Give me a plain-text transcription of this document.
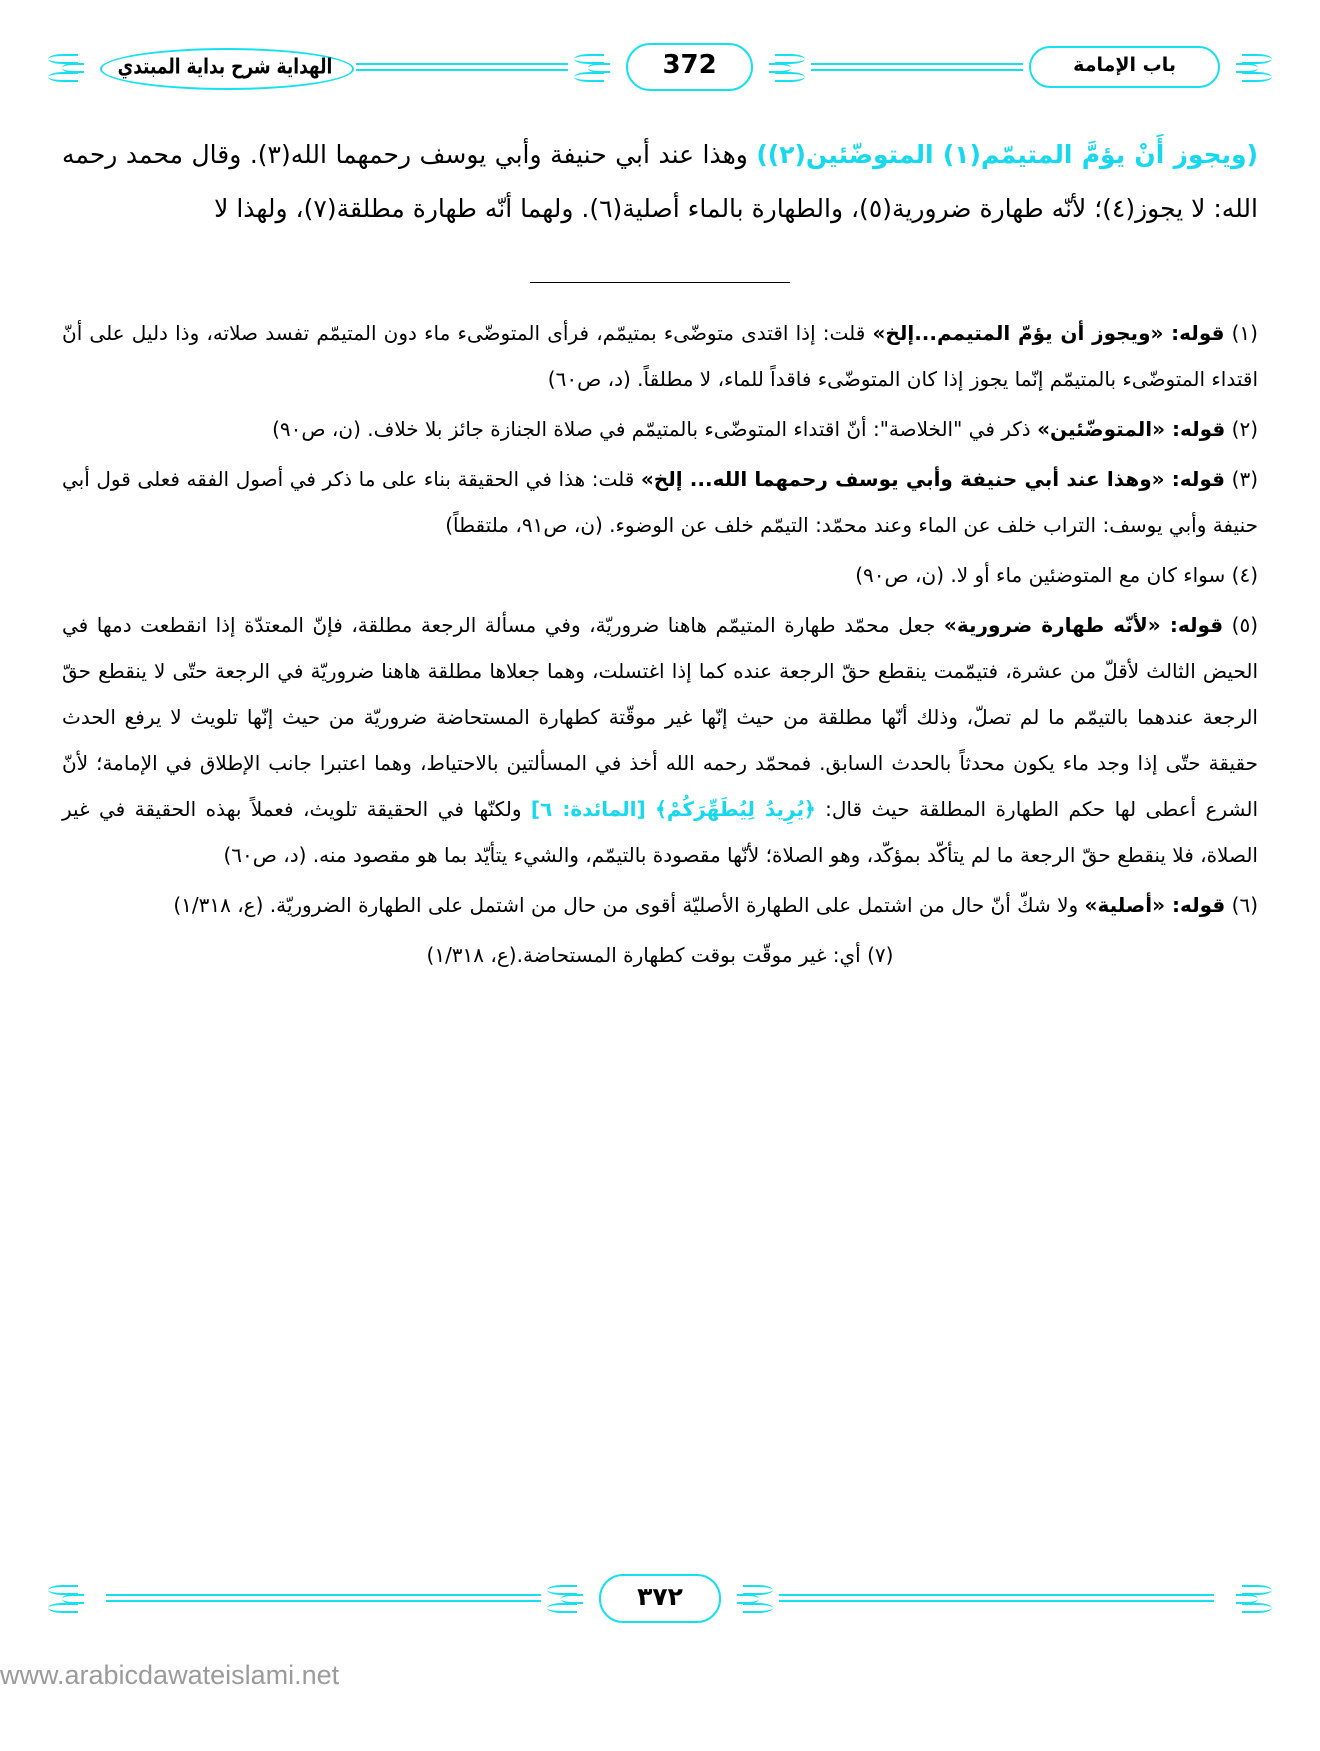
باب الإمامة
372
الهداية شرح بداية المبتدي
(ويجوز أَنْ يؤمَّ المتيمّم(١) المتوضّئين(٢)) وهذا عند أبي حنيفة وأبي يوسف رحمهما الله(٣). وقال محمد رحمه الله: لا يجوز(٤)؛ لأنّه طهارة ضرورية(٥)، والطهارة بالماء أصلية(٦). ولهما أنّه طهارة مطلقة(٧)، ولهذا لا
(١) قوله: «ويجوز أن يؤمّ المتيمم...إلخ» قلت: إذا اقتدى متوضّىء بمتيمّم، فرأى المتوضّىء ماء دون المتيمّم تفسد صلاته، وذا دليل على أنّ اقتداء المتوضّىء بالمتيمّم إنّما يجوز إذا كان المتوضّىء فاقداً للماء، لا مطلقاً. (د، ص٦٠)
(٢) قوله: «المتوضّئين» ذكر في "الخلاصة": أنّ اقتداء المتوضّىء بالمتيمّم في صلاة الجنازة جائز بلا خلاف. (ن، ص٩٠)
(٣) قوله: «وهذا عند أبي حنيفة وأبي يوسف رحمهما الله... إلخ» قلت: هذا في الحقيقة بناء على ما ذكر في أصول الفقه فعلى قول أبي حنيفة وأبي يوسف: التراب خلف عن الماء وعند محمّد: التيمّم خلف عن الوضوء. (ن، ص٩١، ملتقطاً)
(٤) سواء كان مع المتوضئين ماء أو لا. (ن، ص٩٠)
(٥) قوله: «لأنّه طهارة ضرورية» جعل محمّد طهارة المتيمّم هاهنا ضروريّة، وفي مسألة الرجعة مطلقة، فإنّ المعتدّة إذا انقطعت دمها في الحيض الثالث لأقلّ من عشرة، فتيمّمت ينقطع حقّ الرجعة عنده كما إذا اغتسلت، وهما جعلاها مطلقة هاهنا ضروريّة في الرجعة حتّى لا ينقطع حقّ الرجعة عندهما بالتيمّم ما لم تصلّ، وذلك أنّها مطلقة من حيث إنّها غير موقّتة كطهارة المستحاضة ضروريّة من حيث إنّها تلويث لا يرفع الحدث حقيقة حتّى إذا وجد ماء يكون محدثاً بالحدث السابق. فمحمّد رحمه الله أخذ في المسألتين بالاحتياط، وهما اعتبرا جانب الإطلاق في الإمامة؛ لأنّ الشرع أعطى لها حكم الطهارة المطلقة حيث قال: ﴿يُرِيدُ لِيُطَهِّرَكُمْ﴾ [المائدة: ٦] ولكنّها في الحقيقة تلويث، فعملاً بهذه الحقيقة في غير الصلاة، فلا ينقطع حقّ الرجعة ما لم يتأكّد بمؤكّد، وهو الصلاة؛ لأنّها مقصودة بالتيمّم، والشيء يتأيّد بما هو مقصود منه. (د، ص٦٠)
(٦) قوله: «أصلية» ولا شكّ أنّ حال من اشتمل على الطهارة الأصليّة أقوى من حال من اشتمل على الطهارة الضروريّة. (ع، ١/٣١٨)
(٧) أي: غير موقّت بوقت كطهارة المستحاضة.(ع، ١/٣١٨)
٣٧٢
www.arabicdawateislami.net
